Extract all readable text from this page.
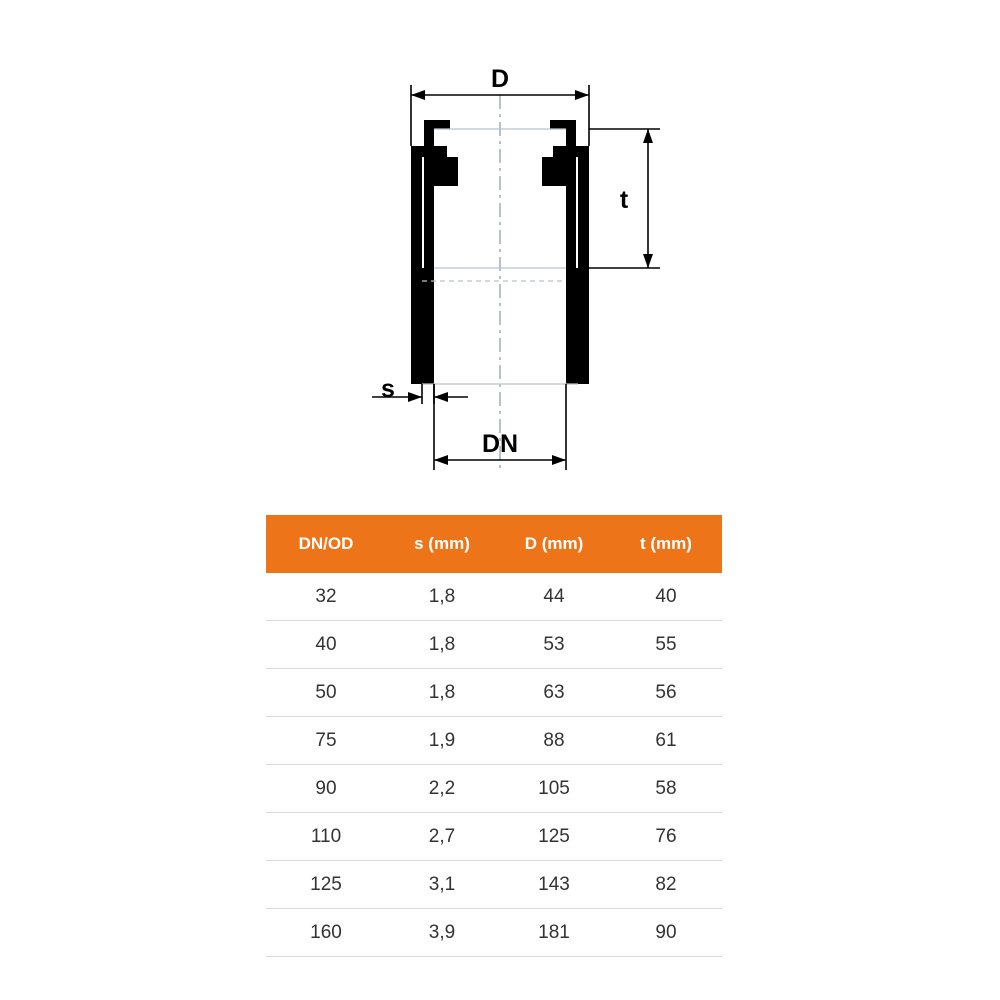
D
t
s
DN
DN/OD	s (mm)	D (mm)	t (mm)
32	1,8	44	40
40	1,8	53	55
50	1,8	63	56
75	1,9	88	61
90	2,2	105	58
110	2,7	125	76
125	3,1	143	82
160	3,9	181	90
